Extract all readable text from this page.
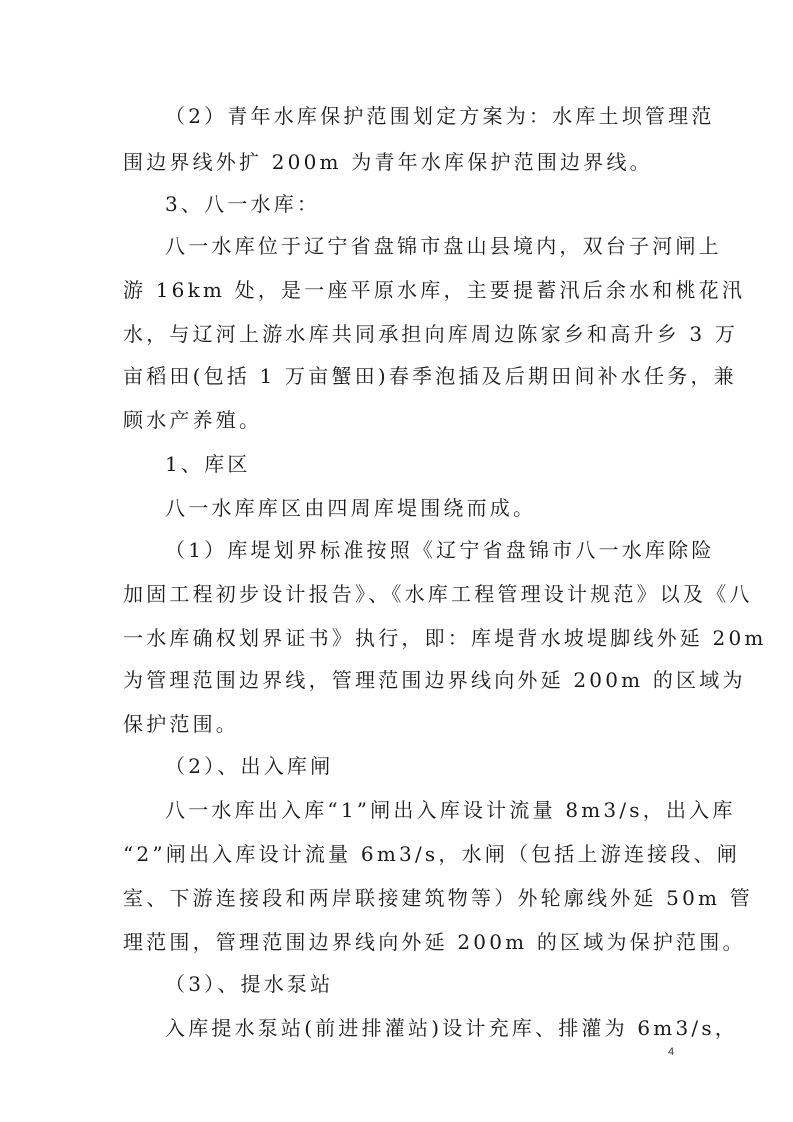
（2）青年水库保护范围划定方案为：水库土坝管理范
围边界线外扩 200m 为青年水库保护范围边界线。
3、八一水库：
八一水库位于辽宁省盘锦市盘山县境内，双台子河闸上
游 16km 处，是一座平原水库，主要提蓄汛后余水和桃花汛
水，与辽河上游水库共同承担向库周边陈家乡和高升乡 3 万
亩稻田(包括 1 万亩蟹田)春季泡插及后期田间补水任务，兼
顾水产养殖。
1、库区
八一水库库区由四周库堤围绕而成。
（1）库堤划界标准按照《辽宁省盘锦市八一水库除险
加固工程初步设计报告》、《水库工程管理设计规范》以及《八
一水库确权划界证书》执行，即：库堤背水坡堤脚线外延 20m
为管理范围边界线，管理范围边界线向外延 200m 的区域为
保护范围。
（2）、出入库闸
八一水库出入库“1”闸出入库设计流量 8m3/s，出入库
“2”闸出入库设计流量 6m3/s，水闸（包括上游连接段、闸
室、下游连接段和两岸联接建筑物等）外轮廓线外延 50m 管
理范围，管理范围边界线向外延 200m 的区域为保护范围。
（3）、提水泵站
入库提水泵站(前进排灌站)设计充库、排灌为 6m3/s，
4
